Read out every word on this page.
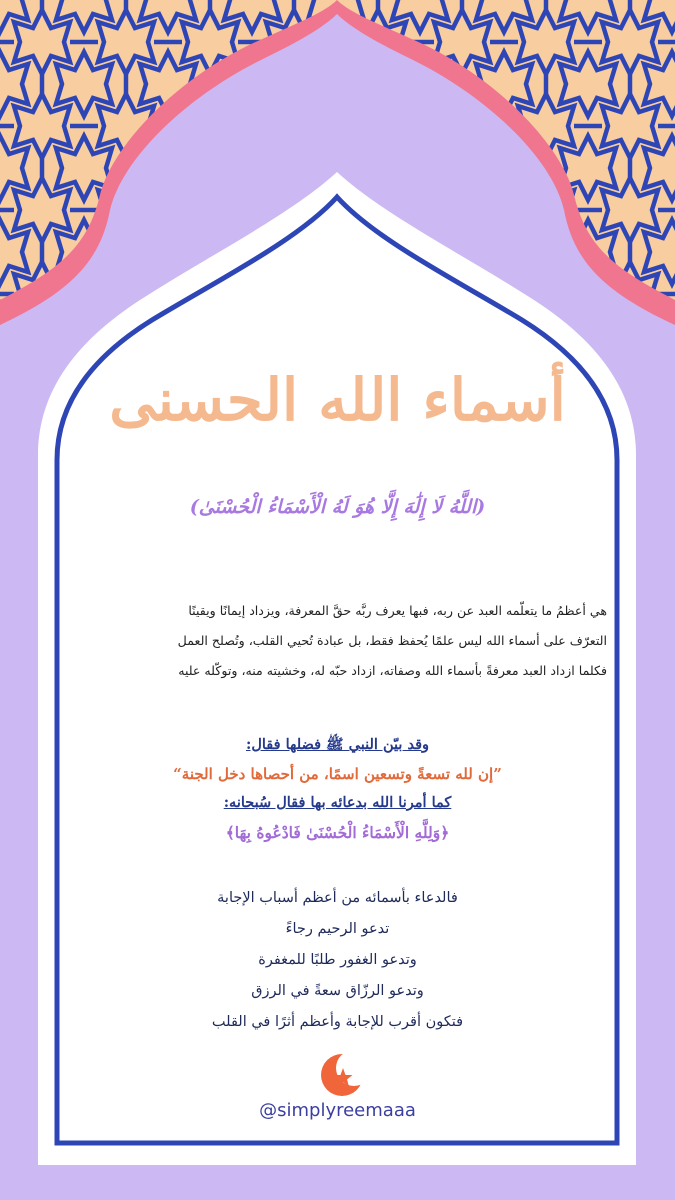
أسماء الله الحسنى
(اللَّهُ لَا إِلَٰهَ إِلَّا هُوَ لَهُ الْأَسْمَاءُ الْحُسْنَىٰ)

هي أعظمُ ما يتعلّمه العبد عن ربه، فبها يعرف ربَّه حقَّ المعرفة، ويزداد إيمانًا ويقينًا

التعرّف على أسماء الله ليس علمًا يُحفظ فقط، بل عبادة تُحيي القلب، وتُصلح العمل

فكلما ازداد العبد معرفةً بأسماء الله وصفاته، ازداد حبّه له، وخشيته منه، وتوكّله عليه

وقد بيّن النبي ﷺ فضلها فقال:

”إن لله تسعةً وتسعين اسمًا، من أحصاها دخل الجنة“

كما أمرنا الله بدعائه بها فقال سُبحانه:

﴿وَلِلَّهِ الْأَسْمَاءُ الْحُسْنَىٰ فَادْعُوهُ بِهَا﴾

فالدعاء بأسمائه من أعظم أسباب الإجابة

تدعو الرحيم رجاءً

وتدعو الغفور طلبًا للمغفرة

وتدعو الرزّاق سعةً في الرزق

فتكون أقرب للإجابة وأعظم أثرًا في القلب

@simplyreemaaa
